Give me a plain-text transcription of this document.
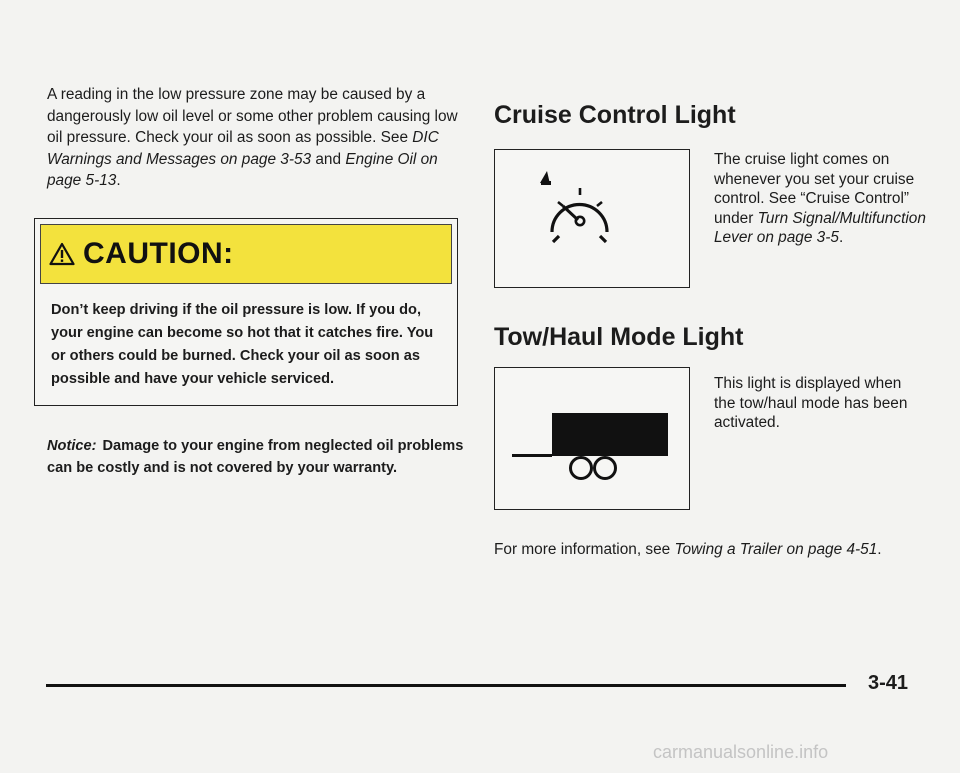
A reading in the low pressure zone may be caused by a dangerously low oil level or some other problem causing low oil pressure. Check your oil as soon as possible. See DIC Warnings and Messages on page 3-53 and Engine Oil on page 5-13.

CAUTION:

Don’t keep driving if the oil pressure is low. If you do, your engine can become so hot that it catches fire. You or others could be burned. Check your oil as soon as possible and have your vehicle serviced.

Notice: Damage to your engine from neglected oil problems can be costly and is not covered by your warranty.

Cruise Control Light

The cruise light comes on whenever you set your cruise control. See “Cruise Control” under Turn Signal/Multifunction Lever on page 3-5.

Tow/Haul Mode Light

This light is displayed when the tow/haul mode has been activated.

For more information, see Towing a Trailer on page 4-51.

3-41
carmanualsonline.info
